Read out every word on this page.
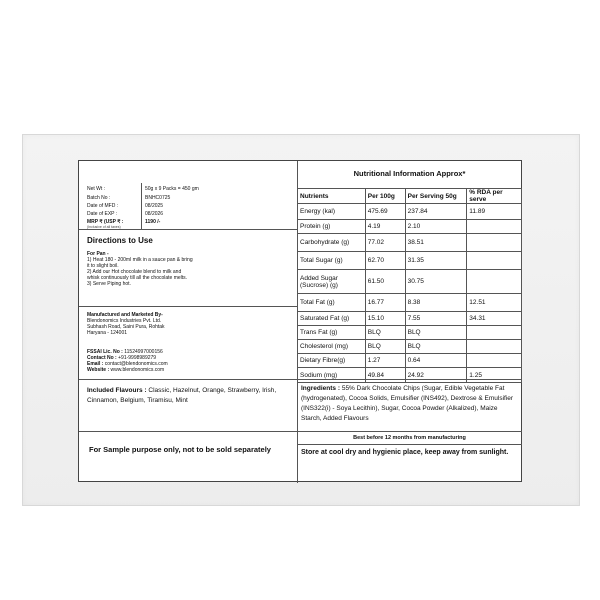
Net Wt :	50g x 9 Packs = 450 gm
Batch No :	BNHC0725
Date of MFD :	08/2025
Date of EXP :	08/2026
MRP ₹ (USP ₹ :	1190 /-
(Inclusive of all taxes)
Directions to Use
For Pan -
1) Heat 180 - 200ml milk in a sauce pan & bring
it to slight boil.
2) Add our Hot chocolate blend to milk and
whisk continuously till all the chocolate melts.
3) Serve Piping hot.
Manufactured and Marketed By-
Blendonomics Industries Pvt. Ltd.
Subhash Road, Saini Pura, Rohtak
Haryana - 124001
FSSAI Lic. No : 11524997000156
Contact No : +91-9998989279
Email : contact@blendonomics.com
Website : www.blendonomics.com
Nutritional Information Approx*
Nutrients	Per 100g	Per Serving 50g	% RDA per serve
Energy (kal)	475.69	237.84	11.89
Protein (g)	4.19	2.10	
Carbohydrate (g)	77.02	38.51	
Total Sugar (g)	62.70	31.35	
Added Sugar (Sucrose) (g)	61.50	30.75	
Total Fat (g)	16.77	8.38	12.51
Saturated Fat (g)	15.10	7.55	34.31
Trans Fat (g)	BLQ	BLQ	
Cholesterol (mg)	BLQ	BLQ	
Dietary Fibre(g)	1.27	0.64	
Sodium (mg)	49.84	24.92	1.25
Included Flavours : Classic, Hazelnut, Orange, Strawberry, Irish, Cinnamon, Belgium, Tiramisu, Mint
Ingredients : 55% Dark Chocolate Chips (Sugar, Edible Vegetable Fat (hydrogenated), Cocoa Solids, Emulsifier (INS492), Dextrose & Emulsifier (INS322(i) - Soya Lecithin), Sugar, Cocoa Powder (Alkalized), Maize Starch, Added Flavours
For Sample purpose only, not to be sold separately
Best before 12 months from manufacturing
Store at cool dry and hygienic place, keep away from sunlight.
